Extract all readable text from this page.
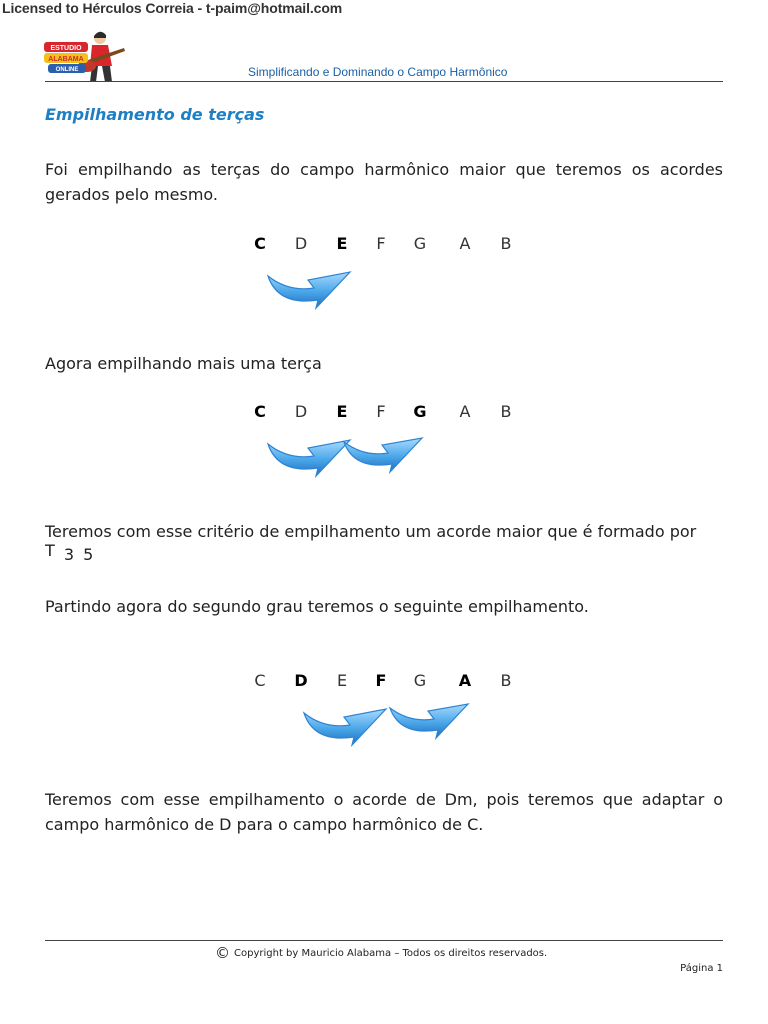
Licensed to Hérculos Correia - t-paim@hotmail.com
ESTUDIO
ALABAMA
ONLINE	Simplificando e Dominando o Campo Harmônico
Empilhamento de terças

Foi empilhando as terças do campo harmônico maior que teremos os acordes gerados pelo mesmo.

C D E	F	G A B

Agora empilhando mais uma terça

C D E	F	G A B

Teremos com esse critério de empilhamento um acorde maior que é formado por

T 3 5

Partindo agora do segundo grau teremos o seguinte empilhamento.

C D	E	F G A B

Teremos com esse empilhamento o acorde de Dm, pois teremos que adaptar o campo harmônico de D para o campo harmônico de C.

© Copyright by Mauricio Alabama – Todos os direitos reservados.
Página 1
